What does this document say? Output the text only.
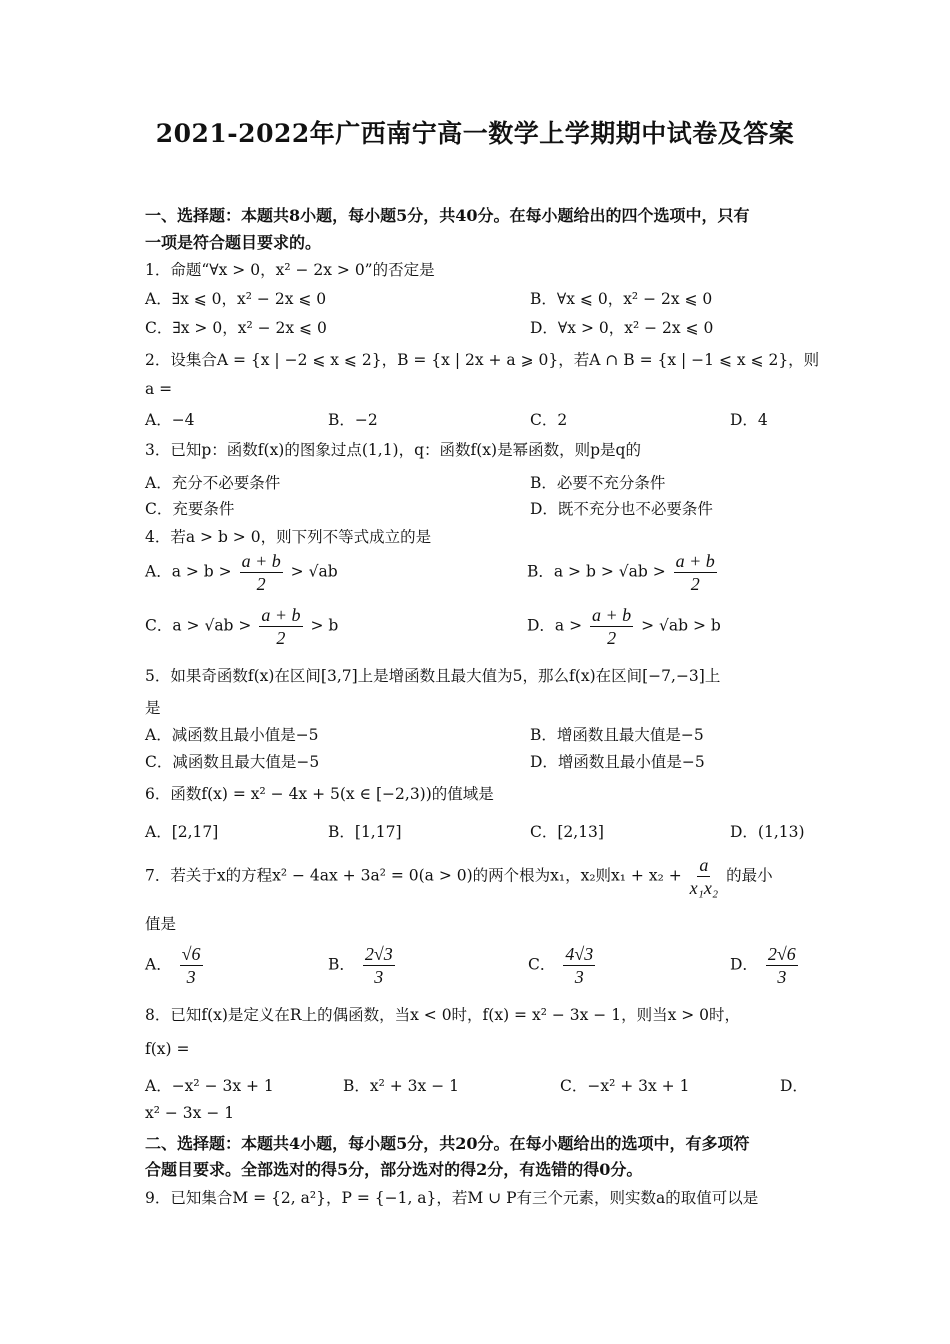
2021-2022年广西南宁高一数学上学期期中试卷及答案
一、选择题：本题共8小题，每小题5分，共40分。在每小题给出的四个选项中，只有
一项是符合题目要求的。
1．命题“∀x > 0，x² − 2x > 0”的否定是
A．∃x ⩽ 0，x² − 2x ⩽ 0	B．∀x ⩽ 0，x² − 2x ⩽ 0
C．∃x > 0，x² − 2x ⩽ 0	D．∀x > 0，x² − 2x ⩽ 0
2．设集合A = {x | −2 ⩽ x ⩽ 2}，B = {x | 2x + a ⩾ 0}，若A ∩ B = {x | −1 ⩽ x ⩽ 2}，则
a =
A．−4	B．−2	C．2	D．4
3．已知p：函数f(x)的图象过点(1,1)，q：函数f(x)是幂函数，则p是q的
A．充分不必要条件	B．必要不充分条件
C．充要条件	D．既不充分也不必要条件
4．若a > b > 0，则下列不等式成立的是
A．$a > b > \frac{a + b}{2} > √ab$	B．$a > b > √ab > \frac{a + b}{2}$
C．$a > √ab > \frac{a + b}{2} > b$	D．$a > \frac{a + b}{2} > √ab > b$
5．如果奇函数f(x)在区间[3,7]上是增函数且最大值为5，那么f(x)在区间[−7,−3]上
是
A．减函数且最小值是−5	B．增函数且最大值是−5
C．减函数且最大值是−5	D．增函数且最小值是−5
6．函数f(x) = x² − 4x + 5(x ∈ [−2,3))的值域是
A．[2,17]	B．[1,17]	C．[2,13]	D．(1,13)
7．若关于x的方程x² − 4ax + 3a² = 0(a > 0)的两个根为x₁，x₂则$x_1 + x_2 + \frac{a}{\text{x₁x₂}}$ 的最小
值是
A． $\frac{√6}{3}$	B． $\frac{2√3}{3}$	C． $\frac{4√3}{3}$	D． $\frac{2√6}{3}$
8．已知f(x)是定义在R上的偶函数，当x < 0时，f(x) = x² − 3x − 1，则当x > 0时，
f(x) =
A．−x² − 3x + 1	B．x² + 3x − 1	C．−x² + 3x + 1	D．
x² − 3x − 1
二、选择题：本题共4小题，每小题5分，共20分。在每小题给出的选项中，有多项符
合题目要求。全部选对的得5分，部分选对的得2分，有选错的得0分。
9．已知集合M = {2, a²}，P = {−1, a}，若M ∪ P有三个元素，则实数a的取值可以是
